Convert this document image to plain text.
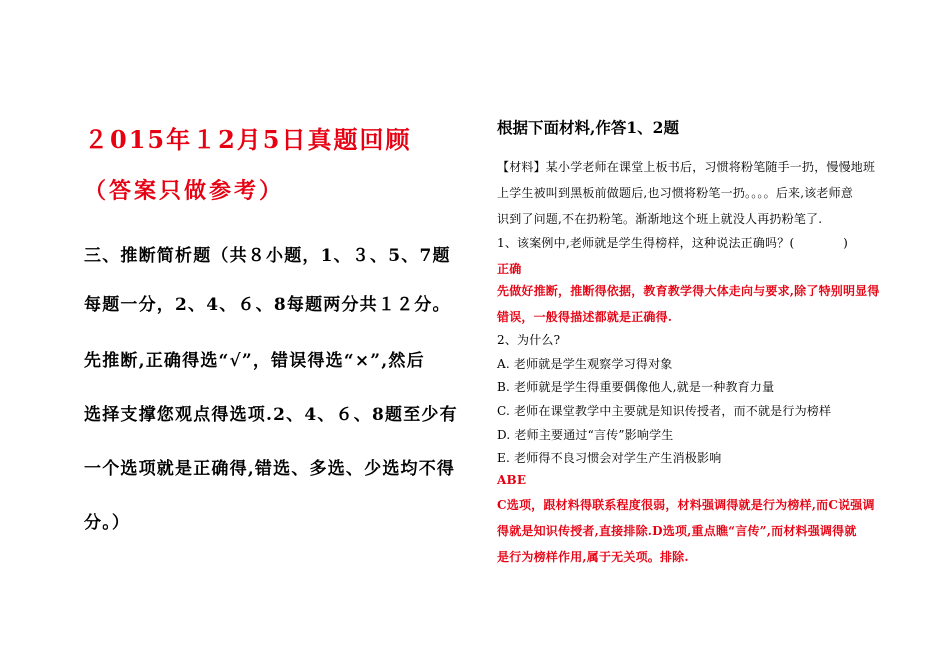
２015年１2月5日真题回顾
（答案只做参考）
三、推断简析题（共８小题，1、３、5、7题
每题一分，2、4、６、8每题两分共１２分。
先推断,正确得选“√”，错误得选“×”,然后
选择支撑您观点得选项.2、4、６、8题至少有
一个选项就是正确得,错选、多选、少选均不得
分。）
根据下面材料,作答1、2题
【材料】某小学老师在课堂上板书后，习惯将粉笔随手一扔，慢慢地班
上学生被叫到黑板前做题后,也习惯将粉笔一扔。。。。后来,该老师意
识到了问题,不在扔粉笔。渐渐地这个班上就没人再扔粉笔了.
1、该案例中,老师就是学生得榜样，这种说法正确吗？(　　　　)
正确
先做好推断，推断得依据，教育教学得大体走向与要求,除了特别明显得
错误，一般得描述都就是正确得.
2、为什么?
A. 老师就是学生观察学习得对象
B. 老师就是学生得重要偶像他人,就是一种教育力量
C. 老师在课堂教学中主要就是知识传授者，而不就是行为榜样
D. 老师主要通过“言传”影响学生
E. 老师得不良习惯会对学生产生消极影响
ABE
C选项，跟材料得联系程度很弱，材料强调得就是行为榜样,而C说强调
得就是知识传授者,直接排除.D选项,重点瞧“言传”,而材料强调得就
是行为榜样作用,属于无关项。排除.
